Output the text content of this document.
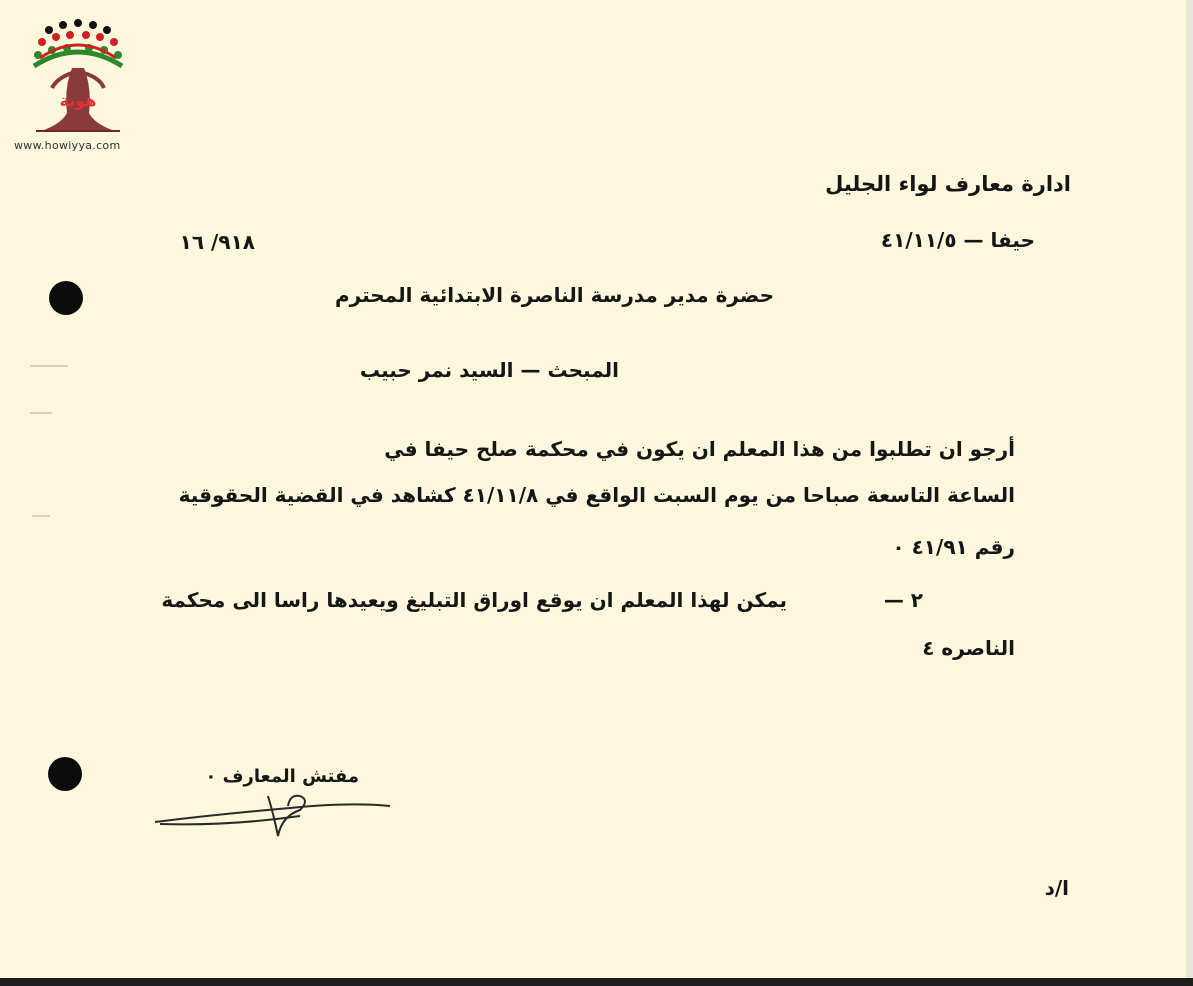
هوية
www.howiyya.com
ادارة معارف لواء الجليل
حيفا — ٤١/١١/٥
٩١٨/ ١٦
حضرة مدير مدرسة الناصرة الابتدائية المحترم
المبحث — السيد نمر حبيب
أرجو ان تطلبوا من هذا المعلم ان يكون في محكمة صلح حيفا في
الساعة التاسعة صباحا من يوم السبت الواقع في ٤١/١١/٨ كشاهد في القضية الحقوقية
رقم ٤١/٩١ ٠
٢ —
يمكن لهذا المعلم ان يوقع اوراق التبليغ ويعيدها راسا الى محكمة
الناصره ٤
مفتش المعارف ٠
ا/د
